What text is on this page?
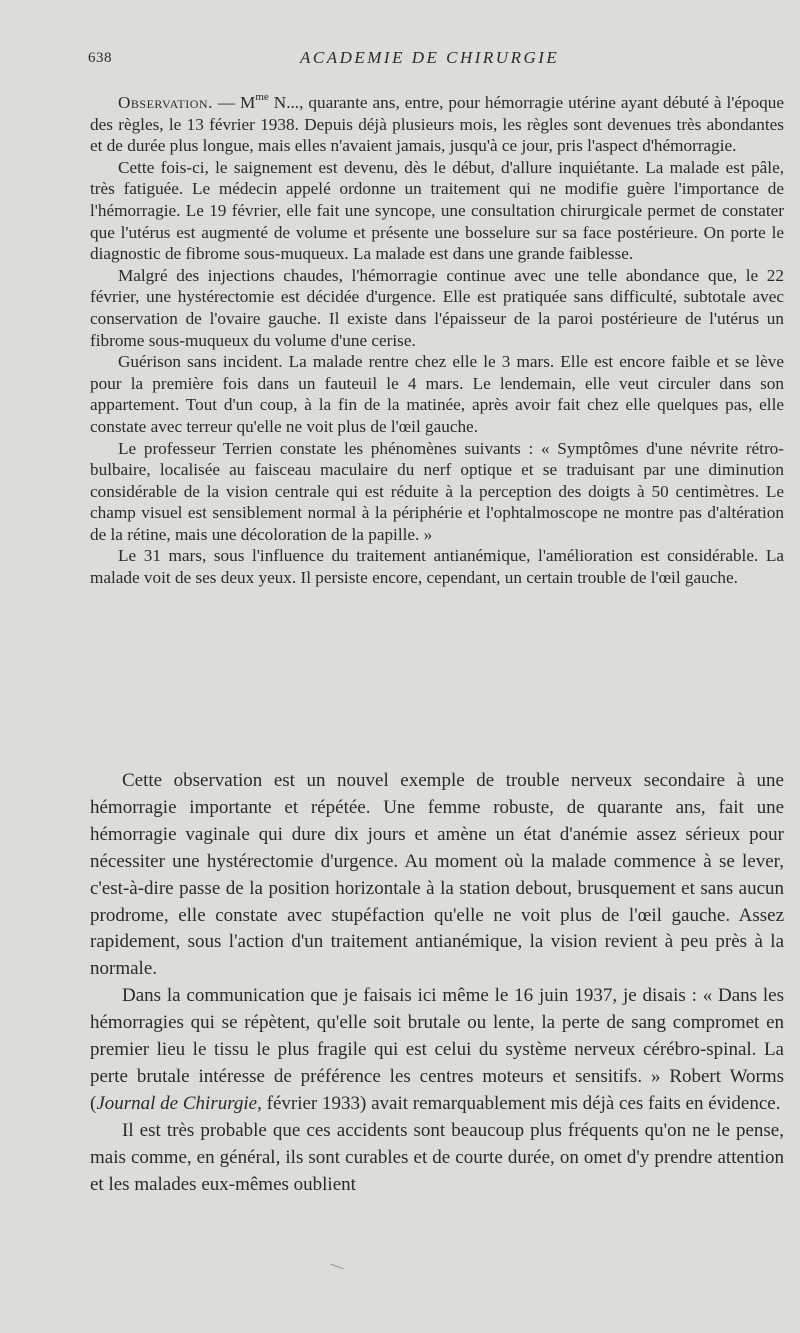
638	ACADEMIE DE CHIRURGIE

Observation. — $M^{me}$ N..., quarante ans, entre, pour hémorragie utérine ayant débuté à l'époque des règles, le 13 février 1938. Depuis déjà plusieurs mois, les règles sont devenues très abondantes et de durée plus longue, mais elles n'avaient jamais, jusqu'à ce jour, pris l'aspect d'hémorragie.

Cette fois-ci, le saignement est devenu, dès le début, d'allure inquiétante. La malade est pâle, très fatiguée. Le médecin appelé ordonne un traitement qui ne modifie guère l'importance de l'hémorragie. Le 19 février, elle fait une syncope, une consultation chirurgicale permet de constater que l'utérus est augmenté de volume et présente une bosselure sur sa face postérieure. On porte le diagnostic de fibrome sous-muqueux. La malade est dans une grande faiblesse.

Malgré des injections chaudes, l'hémorragie continue avec une telle abondance que, le 22 février, une hystérectomie est décidée d'urgence. Elle est pratiquée sans difficulté, subtotale avec conservation de l'ovaire gauche. Il existe dans l'épaisseur de la paroi postérieure de l'utérus un fibrome sous-muqueux du volume d'une cerise.

Guérison sans incident. La malade rentre chez elle le 3 mars. Elle est encore faible et se lève pour la première fois dans un fauteuil le 4 mars. Le lendemain, elle veut circuler dans son appartement. Tout d'un coup, à la fin de la matinée, après avoir fait chez elle quelques pas, elle constate avec terreur qu'elle ne voit plus de l'œil gauche.

Le professeur Terrien constate les phénomènes suivants : « Symptômes d'une névrite rétro-bulbaire, localisée au faisceau maculaire du nerf optique et se traduisant par une diminution considérable de la vision centrale qui est réduite à la perception des doigts à 50 centimètres. Le champ visuel est sensiblement normal à la périphérie et l'ophtalmoscope ne montre pas d'altération de la rétine, mais une décoloration de la papille. »

Le 31 mars, sous l'influence du traitement antianémique, l'amélioration est considérable. La malade voit de ses deux yeux. Il persiste encore, cependant, un certain trouble de l'œil gauche.

Cette observation est un nouvel exemple de trouble nerveux secondaire à une hémorragie importante et répétée. Une femme robuste, de quarante ans, fait une hémorragie vaginale qui dure dix jours et amène un état d'anémie assez sérieux pour nécessiter une hystérectomie d'urgence. Au moment où la malade commence à se lever, c'est-à-dire passe de la position horizontale à la station debout, brusquement et sans aucun prodrome, elle constate avec stupéfaction qu'elle ne voit plus de l'œil gauche. Assez rapidement, sous l'action d'un traitement antianémique, la vision revient à peu près à la normale.

Dans la communication que je faisais ici même le 16 juin 1937, je disais : « Dans les hémorragies qui se répètent, qu'elle soit brutale ou lente, la perte de sang compromet en premier lieu le tissu le plus fragile qui est celui du système nerveux cérébro-spinal. La perte brutale intéresse de préférence les centres moteurs et sensitifs. » Robert Worms (Journal de Chirurgie, février 1933) avait remarquablement mis déjà ces faits en évidence.

Il est très probable que ces accidents sont beaucoup plus fréquents qu'on ne le pense, mais comme, en général, ils sont curables et de courte durée, on omet d'y prendre attention et les malades eux-mêmes oublient
